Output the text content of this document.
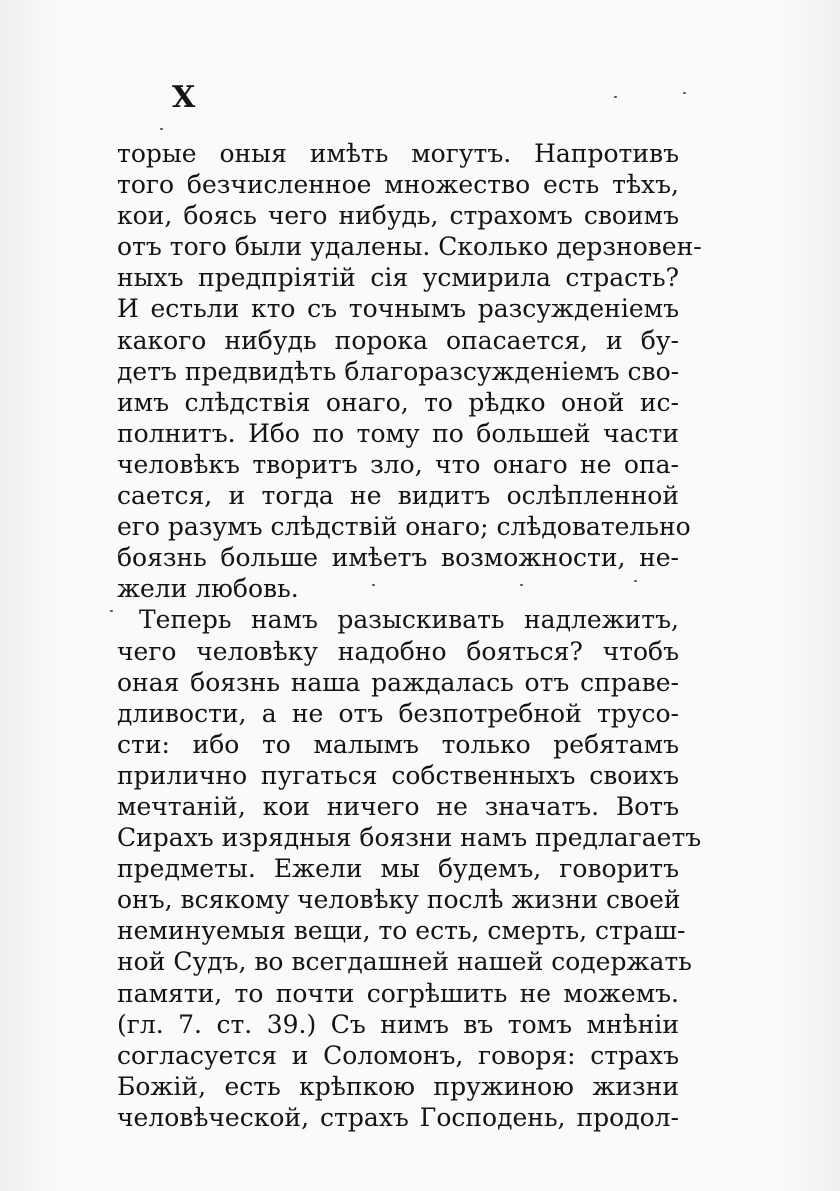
X
торые оныя имѣть могутъ. Напротивъ
того безчисленное множество есть тѣхъ,
кои, боясь чего нибудь, страхомъ своимъ
отъ того были удалены. Сколько дерзновен-
ныхъ предпріятій сія усмирила страсть?
И естьли кто съ точнымъ разсужденіемъ
какого нибудь порока опасается, и бу-
детъ предвидѣть благоразсужденіемъ сво-
имъ слѣдствія онаго, то рѣдко оной ис-
полнитъ. Ибо по тому по большей части
человѣкъ творитъ зло, что онаго не опа-
сается, и тогда не видитъ ослѣпленной
его разумъ слѣдствій онаго; слѣдовательно
боязнь больше имѣетъ возможности, не-
жели любовь.
Теперь намъ разыскивать надлежитъ,
чего человѣку надобно бояться? чтобъ
оная боязнь наша раждалась отъ справе-
дливости, а не отъ безпотребной трусо-
сти: ибо то малымъ только ребятамъ
прилично пугаться собственныхъ своихъ
мечтаній, кои ничего не значатъ. Вотъ
Сирахъ изрядныя боязни намъ предлагаетъ
предметы. Ежели мы будемъ, говоритъ
онъ, всякому человѣку послѣ жизни своей
неминуемыя вещи, то есть, смерть, страш-
ной Судъ, во всегдашней нашей содержать
памяти, то почти согрѣшить не можемъ.
(гл. 7. ст. 39.) Съ нимъ въ томъ мнѣніи
согласуется и Соломонъ, говоря: страхъ
Божій, есть крѣпкою пружиною жизни
человѣческой, страхъ Господень, продол-
